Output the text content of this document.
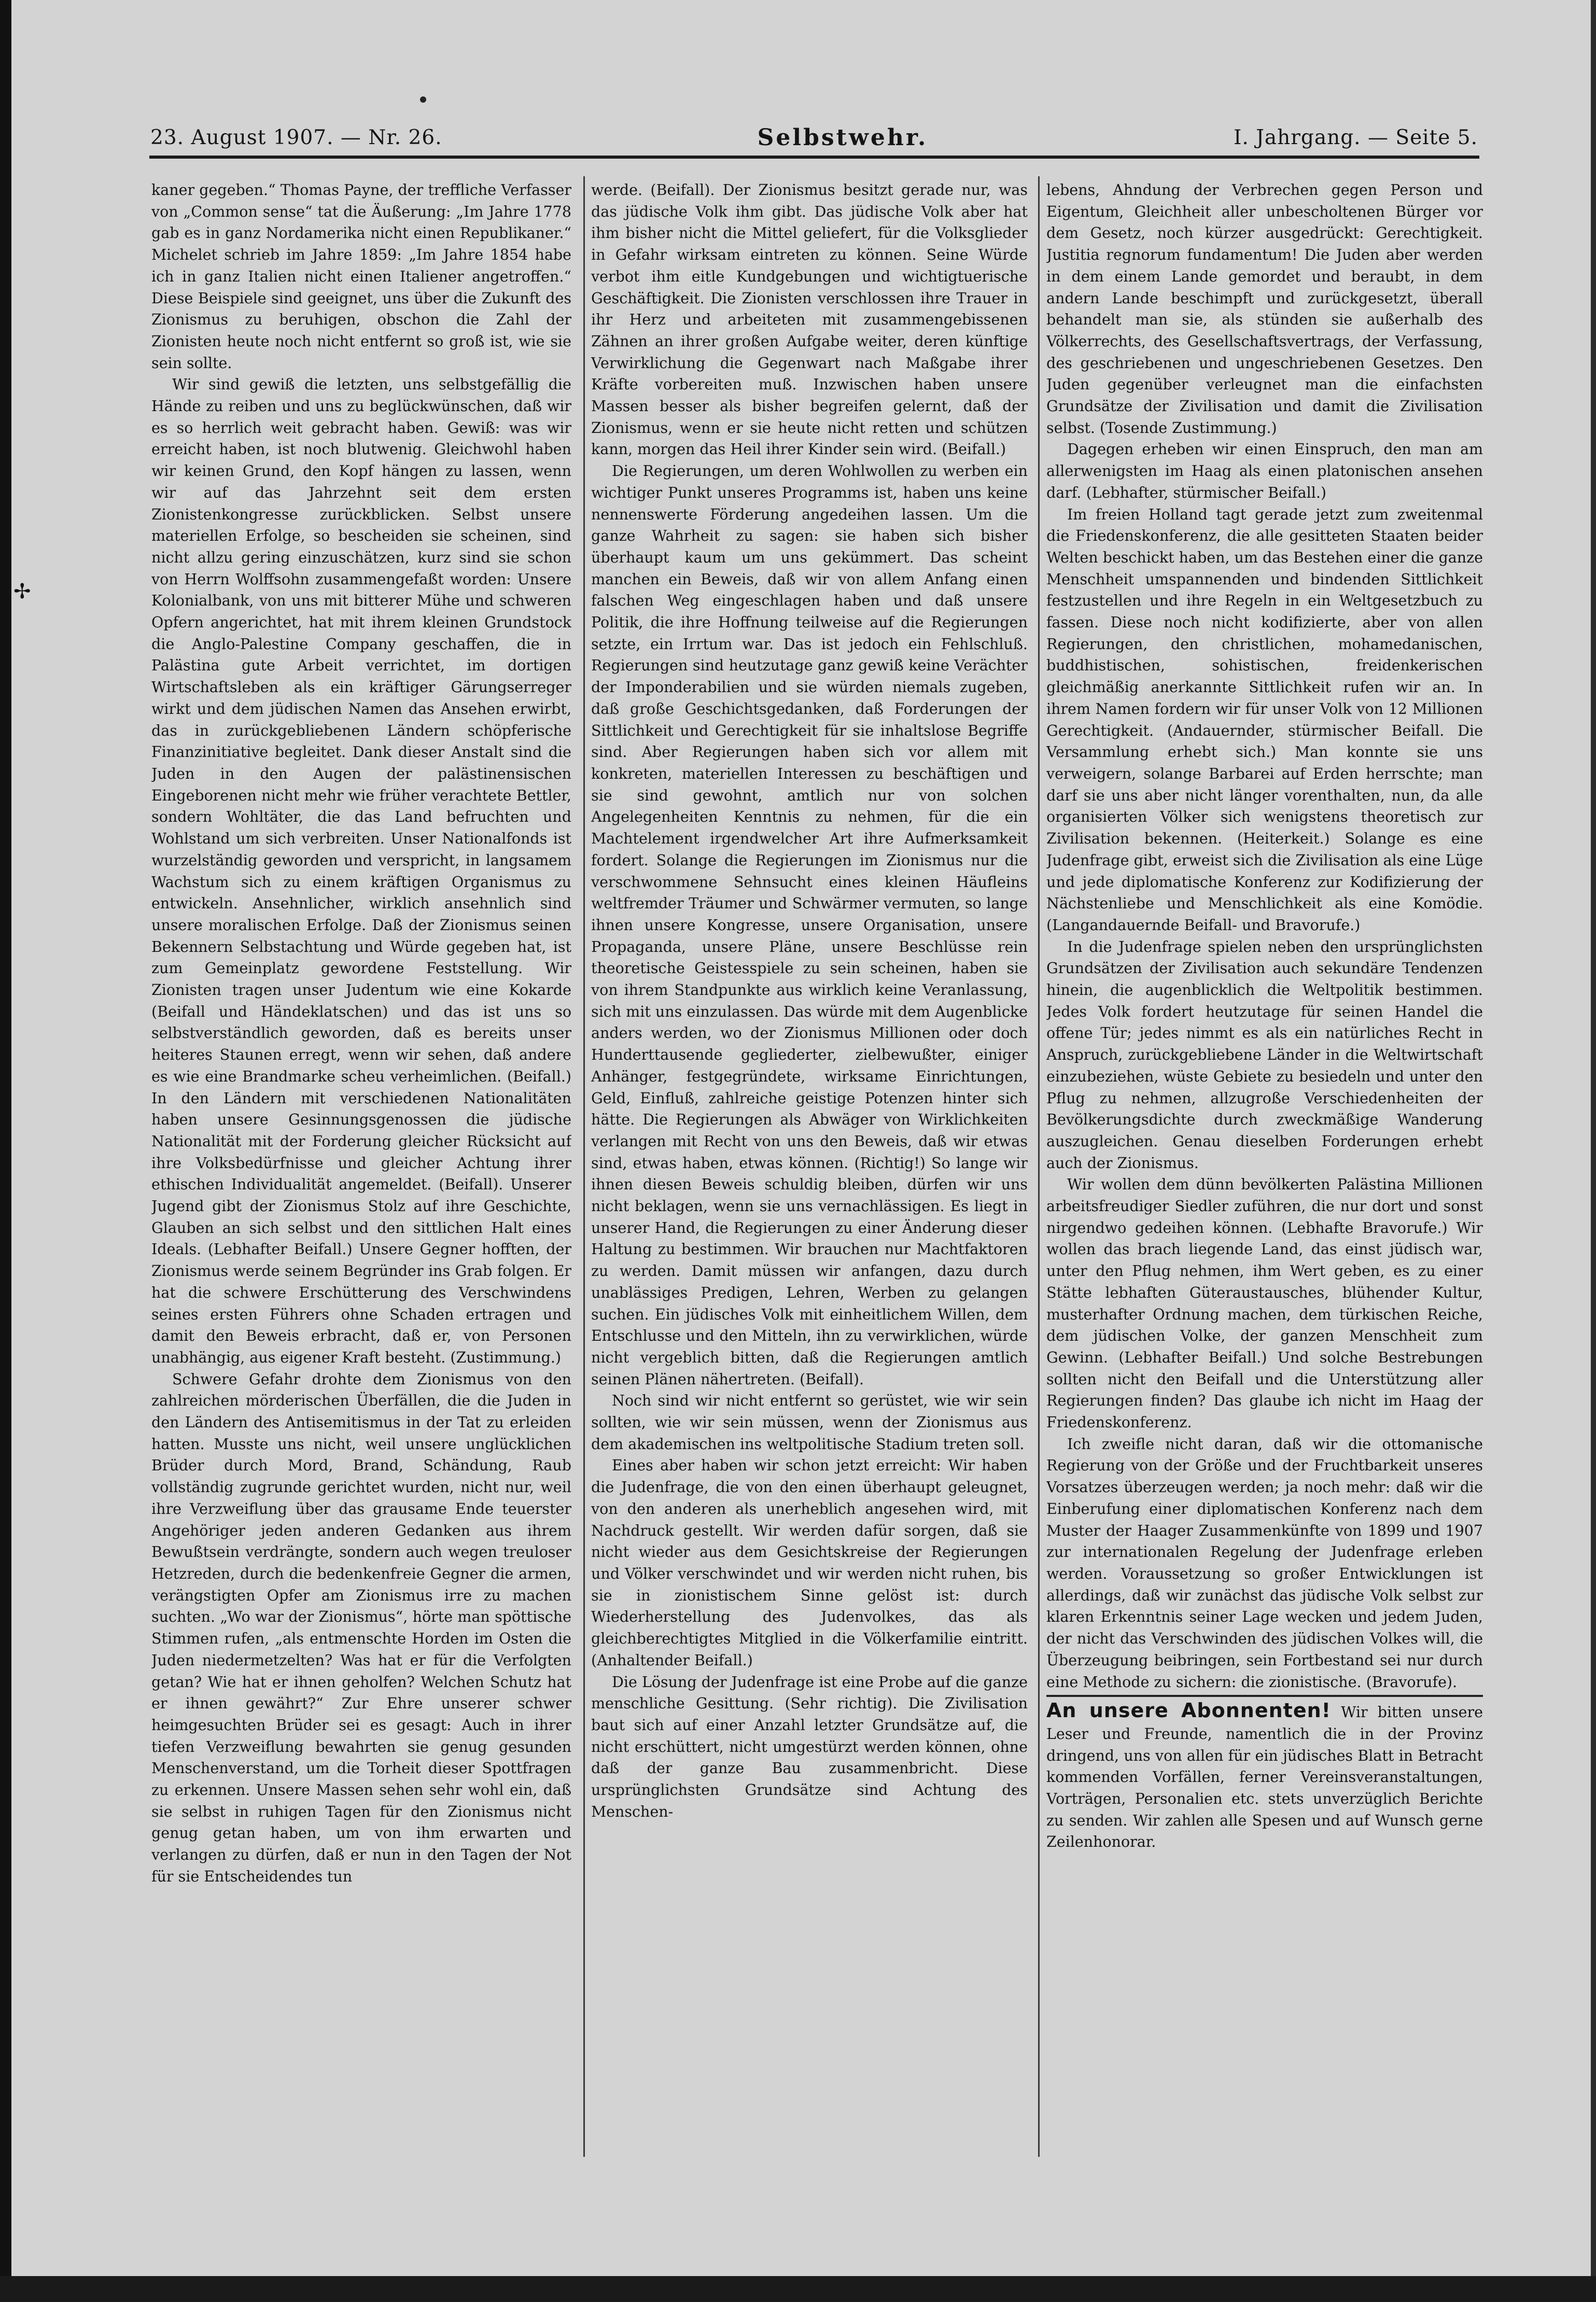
✢
23. August 1907. — Nr. 26.	Selbstwehr.	I. Jahrgang. — Seite 5.

kaner gegeben.“ Thomas Payne, der treffliche Verfasser von „Common sense“ tat die Äußerung: „Im Jahre 1778 gab es in ganz Nordamerika nicht einen Republikaner.“ Michelet schrieb im Jahre 1859: „Im Jahre 1854 habe ich in ganz Italien nicht einen Italiener angetroffen.“ Diese Beispiele sind geeignet, uns über die Zukunft des Zionismus zu beruhigen, obschon die Zahl der Zionisten heute noch nicht entfernt so groß ist, wie sie sein sollte.

Wir sind gewiß die letzten, uns selbstgefällig die Hände zu reiben und uns zu beglückwünschen, daß wir es so herrlich weit gebracht haben. Gewiß: was wir erreicht haben, ist noch blutwenig. Gleichwohl haben wir keinen Grund, den Kopf hängen zu lassen, wenn wir auf das Jahrzehnt seit dem ersten Zionistenkongresse zurückblicken. Selbst unsere materiellen Erfolge, so bescheiden sie scheinen, sind nicht allzu gering einzuschätzen, kurz sind sie schon von Herrn Wolffsohn zusammengefaßt worden: Unsere Kolonialbank, von uns mit bitterer Mühe und schweren Opfern angerichtet, hat mit ihrem kleinen Grundstock die Anglo-Palestine Company geschaffen, die in Palästina gute Arbeit verrichtet, im dortigen Wirtschaftsleben als ein kräftiger Gärungserreger wirkt und dem jüdischen Namen das Ansehen erwirbt, das in zurückgebliebenen Ländern schöpferische Finanzinitiative begleitet. Dank dieser Anstalt sind die Juden in den Augen der palästinensischen Eingeborenen nicht mehr wie früher verachtete Bettler, sondern Wohltäter, die das Land befruchten und Wohlstand um sich verbreiten. Unser Nationalfonds ist wurzelständig geworden und verspricht, in langsamem Wachstum sich zu einem kräftigen Organismus zu entwickeln. Ansehnlicher, wirklich ansehnlich sind unsere moralischen Erfolge. Daß der Zionismus seinen Bekennern Selbstachtung und Würde gegeben hat, ist zum Gemeinplatz gewordene Feststellung. Wir Zionisten tragen unser Judentum wie eine Kokarde (Beifall und Händeklatschen) und das ist uns so selbstverständlich geworden, daß es bereits unser heiteres Staunen erregt, wenn wir sehen, daß andere es wie eine Brandmarke scheu verheimlichen. (Beifall.) In den Ländern mit verschiedenen Nationalitäten haben unsere Gesinnungsgenossen die jüdische Nationalität mit der Forderung gleicher Rücksicht auf ihre Volksbedürfnisse und gleicher Achtung ihrer ethischen Individualität angemeldet. (Beifall). Unserer Jugend gibt der Zionismus Stolz auf ihre Geschichte, Glauben an sich selbst und den sittlichen Halt eines Ideals. (Lebhafter Beifall.) Unsere Gegner hofften, der Zionismus werde seinem Begründer ins Grab folgen. Er hat die schwere Erschütterung des Verschwindens seines ersten Führers ohne Schaden ertragen und damit den Beweis erbracht, daß er, von Personen unabhängig, aus eigener Kraft besteht. (Zustimmung.)

Schwere Gefahr drohte dem Zionismus von den zahlreichen mörderischen Überfällen, die die Juden in den Ländern des Antisemitismus in der Tat zu erleiden hatten. Musste uns nicht, weil unsere unglücklichen Brüder durch Mord, Brand, Schändung, Raub vollständig zugrunde gerichtet wurden, nicht nur, weil ihre Verzweiflung über das grausame Ende teuerster Angehöriger jeden anderen Gedanken aus ihrem Bewußtsein verdrängte, sondern auch wegen treuloser Hetzreden, durch die bedenkenfreie Gegner die armen, verängstigten Opfer am Zionismus irre zu machen suchten. „Wo war der Zionismus“, hörte man spöttische Stimmen rufen, „als entmenschte Horden im Osten die Juden niedermetzelten? Was hat er für die Verfolgten getan? Wie hat er ihnen geholfen? Welchen Schutz hat er ihnen gewährt?“ Zur Ehre unserer schwer heimgesuchten Brüder sei es gesagt: Auch in ihrer tiefen Verzweiflung bewahrten sie genug gesunden Menschenverstand, um die Torheit dieser Spottfragen zu erkennen. Unsere Massen sehen sehr wohl ein, daß sie selbst in ruhigen Tagen für den Zionismus nicht genug getan haben, um von ihm erwarten und verlangen zu dürfen, daß er nun in den Tagen der Not für sie Entscheidendes tun

werde. (Beifall). Der Zionismus besitzt gerade nur, was das jüdische Volk ihm gibt. Das jüdische Volk aber hat ihm bisher nicht die Mittel geliefert, für die Volksglieder in Gefahr wirksam eintreten zu können. Seine Würde verbot ihm eitle Kundgebungen und wichtigtuerische Geschäftigkeit. Die Zionisten verschlossen ihre Trauer in ihr Herz und arbeiteten mit zusammengebissenen Zähnen an ihrer großen Aufgabe weiter, deren künftige Verwirklichung die Gegenwart nach Maßgabe ihrer Kräfte vorbereiten muß. Inzwischen haben unsere Massen besser als bisher begreifen gelernt, daß der Zionismus, wenn er sie heute nicht retten und schützen kann, morgen das Heil ihrer Kinder sein wird. (Beifall.)

Die Regierungen, um deren Wohlwollen zu werben ein wichtiger Punkt unseres Programms ist, haben uns keine nennenswerte Förderung angedeihen lassen. Um die ganze Wahrheit zu sagen: sie haben sich bisher überhaupt kaum um uns gekümmert. Das scheint manchen ein Beweis, daß wir von allem Anfang einen falschen Weg eingeschlagen haben und daß unsere Politik, die ihre Hoffnung teilweise auf die Regierungen setzte, ein Irrtum war. Das ist jedoch ein Fehlschluß. Regierungen sind heutzutage ganz gewiß keine Verächter der Imponderabilien und sie würden niemals zugeben, daß große Geschichtsgedanken, daß Forderungen der Sittlichkeit und Gerechtigkeit für sie inhaltslose Begriffe sind. Aber Regierungen haben sich vor allem mit konkreten, materiellen Interessen zu beschäftigen und sie sind gewohnt, amtlich nur von solchen Angelegenheiten Kenntnis zu nehmen, für die ein Machtelement irgendwelcher Art ihre Aufmerksamkeit fordert. Solange die Regierungen im Zionismus nur die verschwommene Sehnsucht eines kleinen Häufleins weltfremder Träumer und Schwärmer vermuten, so lange ihnen unsere Kongresse, unsere Organisation, unsere Propaganda, unsere Pläne, unsere Beschlüsse rein theoretische Geistesspiele zu sein scheinen, haben sie von ihrem Standpunkte aus wirklich keine Veranlassung, sich mit uns einzulassen. Das würde mit dem Augenblicke anders werden, wo der Zionismus Millionen oder doch Hunderttausende gegliederter, zielbewußter, einiger Anhänger, festgegründete, wirksame Einrichtungen, Geld, Einfluß, zahlreiche geistige Potenzen hinter sich hätte. Die Regierungen als Abwäger von Wirklichkeiten verlangen mit Recht von uns den Beweis, daß wir etwas sind, etwas haben, etwas können. (Richtig!) So lange wir ihnen diesen Beweis schuldig bleiben, dürfen wir uns nicht beklagen, wenn sie uns vernachlässigen. Es liegt in unserer Hand, die Regierungen zu einer Änderung dieser Haltung zu bestimmen. Wir brauchen nur Machtfaktoren zu werden. Damit müssen wir anfangen, dazu durch unablässiges Predigen, Lehren, Werben zu gelangen suchen. Ein jüdisches Volk mit einheitlichem Willen, dem Entschlusse und den Mitteln, ihn zu verwirklichen, würde nicht vergeblich bitten, daß die Regierungen amtlich seinen Plänen nähertreten. (Beifall).

Noch sind wir nicht entfernt so gerüstet, wie wir sein sollten, wie wir sein müssen, wenn der Zionismus aus dem akademischen ins weltpolitische Stadium treten soll.

Eines aber haben wir schon jetzt erreicht: Wir haben die Judenfrage, die von den einen überhaupt geleugnet, von den anderen als unerheblich angesehen wird, mit Nachdruck gestellt. Wir werden dafür sorgen, daß sie nicht wieder aus dem Gesichtskreise der Regierungen und Völker verschwindet und wir werden nicht ruhen, bis sie in zionistischem Sinne gelöst ist: durch Wiederherstellung des Judenvolkes, das als gleichberechtigtes Mitglied in die Völkerfamilie eintritt. (Anhaltender Beifall.)

Die Lösung der Judenfrage ist eine Probe auf die ganze menschliche Gesittung. (Sehr richtig). Die Zivilisation baut sich auf einer Anzahl letzter Grundsätze auf, die nicht erschüttert, nicht umgestürzt werden können, ohne daß der ganze Bau zusammenbricht. Diese ursprünglichsten Grundsätze sind Achtung des Menschen-

lebens, Ahndung der Verbrechen gegen Person und Eigentum, Gleichheit aller unbescholtenen Bürger vor dem Gesetz, noch kürzer ausgedrückt: Gerechtigkeit. Justitia regnorum fundamentum! Die Juden aber werden in dem einem Lande gemordet und beraubt, in dem andern Lande beschimpft und zurückgesetzt, überall behandelt man sie, als stünden sie außerhalb des Völkerrechts, des Gesellschaftsvertrags, der Verfassung, des geschriebenen und ungeschriebenen Gesetzes. Den Juden gegenüber verleugnet man die einfachsten Grundsätze der Zivilisation und damit die Zivilisation selbst. (Tosende Zustimmung.)

Dagegen erheben wir einen Einspruch, den man am allerwenigsten im Haag als einen platonischen ansehen darf. (Lebhafter, stürmischer Beifall.)

Im freien Holland tagt gerade jetzt zum zweitenmal die Friedenskonferenz, die alle gesitteten Staaten beider Welten beschickt haben, um das Bestehen einer die ganze Menschheit umspannenden und bindenden Sittlichkeit festzustellen und ihre Regeln in ein Weltgesetzbuch zu fassen. Diese noch nicht kodifizierte, aber von allen Regierungen, den christlichen, mohamedanischen, buddhistischen, sohistischen, freidenkerischen gleichmäßig anerkannte Sittlichkeit rufen wir an. In ihrem Namen fordern wir für unser Volk von 12 Millionen Gerechtigkeit. (Andauernder, stürmischer Beifall. Die Versammlung erhebt sich.) Man konnte sie uns verweigern, solange Barbarei auf Erden herrschte; man darf sie uns aber nicht länger vorenthalten, nun, da alle organisierten Völker sich wenigstens theoretisch zur Zivilisation bekennen. (Heiterkeit.) Solange es eine Judenfrage gibt, erweist sich die Zivilisation als eine Lüge und jede diplomatische Konferenz zur Kodifizierung der Nächstenliebe und Menschlichkeit als eine Komödie. (Langandauernde Beifall- und Bravorufe.)

In die Judenfrage spielen neben den ursprünglichsten Grundsätzen der Zivilisation auch sekundäre Tendenzen hinein, die augenblicklich die Weltpolitik bestimmen. Jedes Volk fordert heutzutage für seinen Handel die offene Tür; jedes nimmt es als ein natürliches Recht in Anspruch, zurückgebliebene Länder in die Weltwirtschaft einzubeziehen, wüste Gebiete zu besiedeln und unter den Pflug zu nehmen, allzugroße Verschiedenheiten der Bevölkerungsdichte durch zweckmäßige Wanderung auszugleichen. Genau dieselben Forderungen erhebt auch der Zionismus.

Wir wollen dem dünn bevölkerten Palästina Millionen arbeitsfreudiger Siedler zuführen, die nur dort und sonst nirgendwo gedeihen können. (Lebhafte Bravorufe.) Wir wollen das brach liegende Land, das einst jüdisch war, unter den Pflug nehmen, ihm Wert geben, es zu einer Stätte lebhaften Güteraustausches, blühender Kultur, musterhafter Ordnung machen, dem türkischen Reiche, dem jüdischen Volke, der ganzen Menschheit zum Gewinn. (Lebhafter Beifall.) Und solche Bestrebungen sollten nicht den Beifall und die Unterstützung aller Regierungen finden? Das glaube ich nicht im Haag der Friedenskonferenz.

Ich zweifle nicht daran, daß wir die ottomanische Regierung von der Größe und der Fruchtbarkeit unseres Vorsatzes überzeugen werden; ja noch mehr: daß wir die Einberufung einer diplomatischen Konferenz nach dem Muster der Haager Zusammenkünfte von 1899 und 1907 zur internationalen Regelung der Judenfrage erleben werden. Voraussetzung so großer Entwicklungen ist allerdings, daß wir zunächst das jüdische Volk selbst zur klaren Erkenntnis seiner Lage wecken und jedem Juden, der nicht das Verschwinden des jüdischen Volkes will, die Überzeugung beibringen, sein Fortbestand sei nur durch eine Methode zu sichern: die zionistische. (Bravorufe).

An unsere Abonnenten! Wir bitten unsere Leser und Freunde, namentlich die in der Provinz dringend, uns von allen für ein jüdisches Blatt in Betracht kommenden Vorfällen, ferner Vereinsveranstaltungen, Vorträgen, Personalien etc. stets unverzüglich Berichte zu senden. Wir zahlen alle Spesen und auf Wunsch gerne Zeilenhonorar.
